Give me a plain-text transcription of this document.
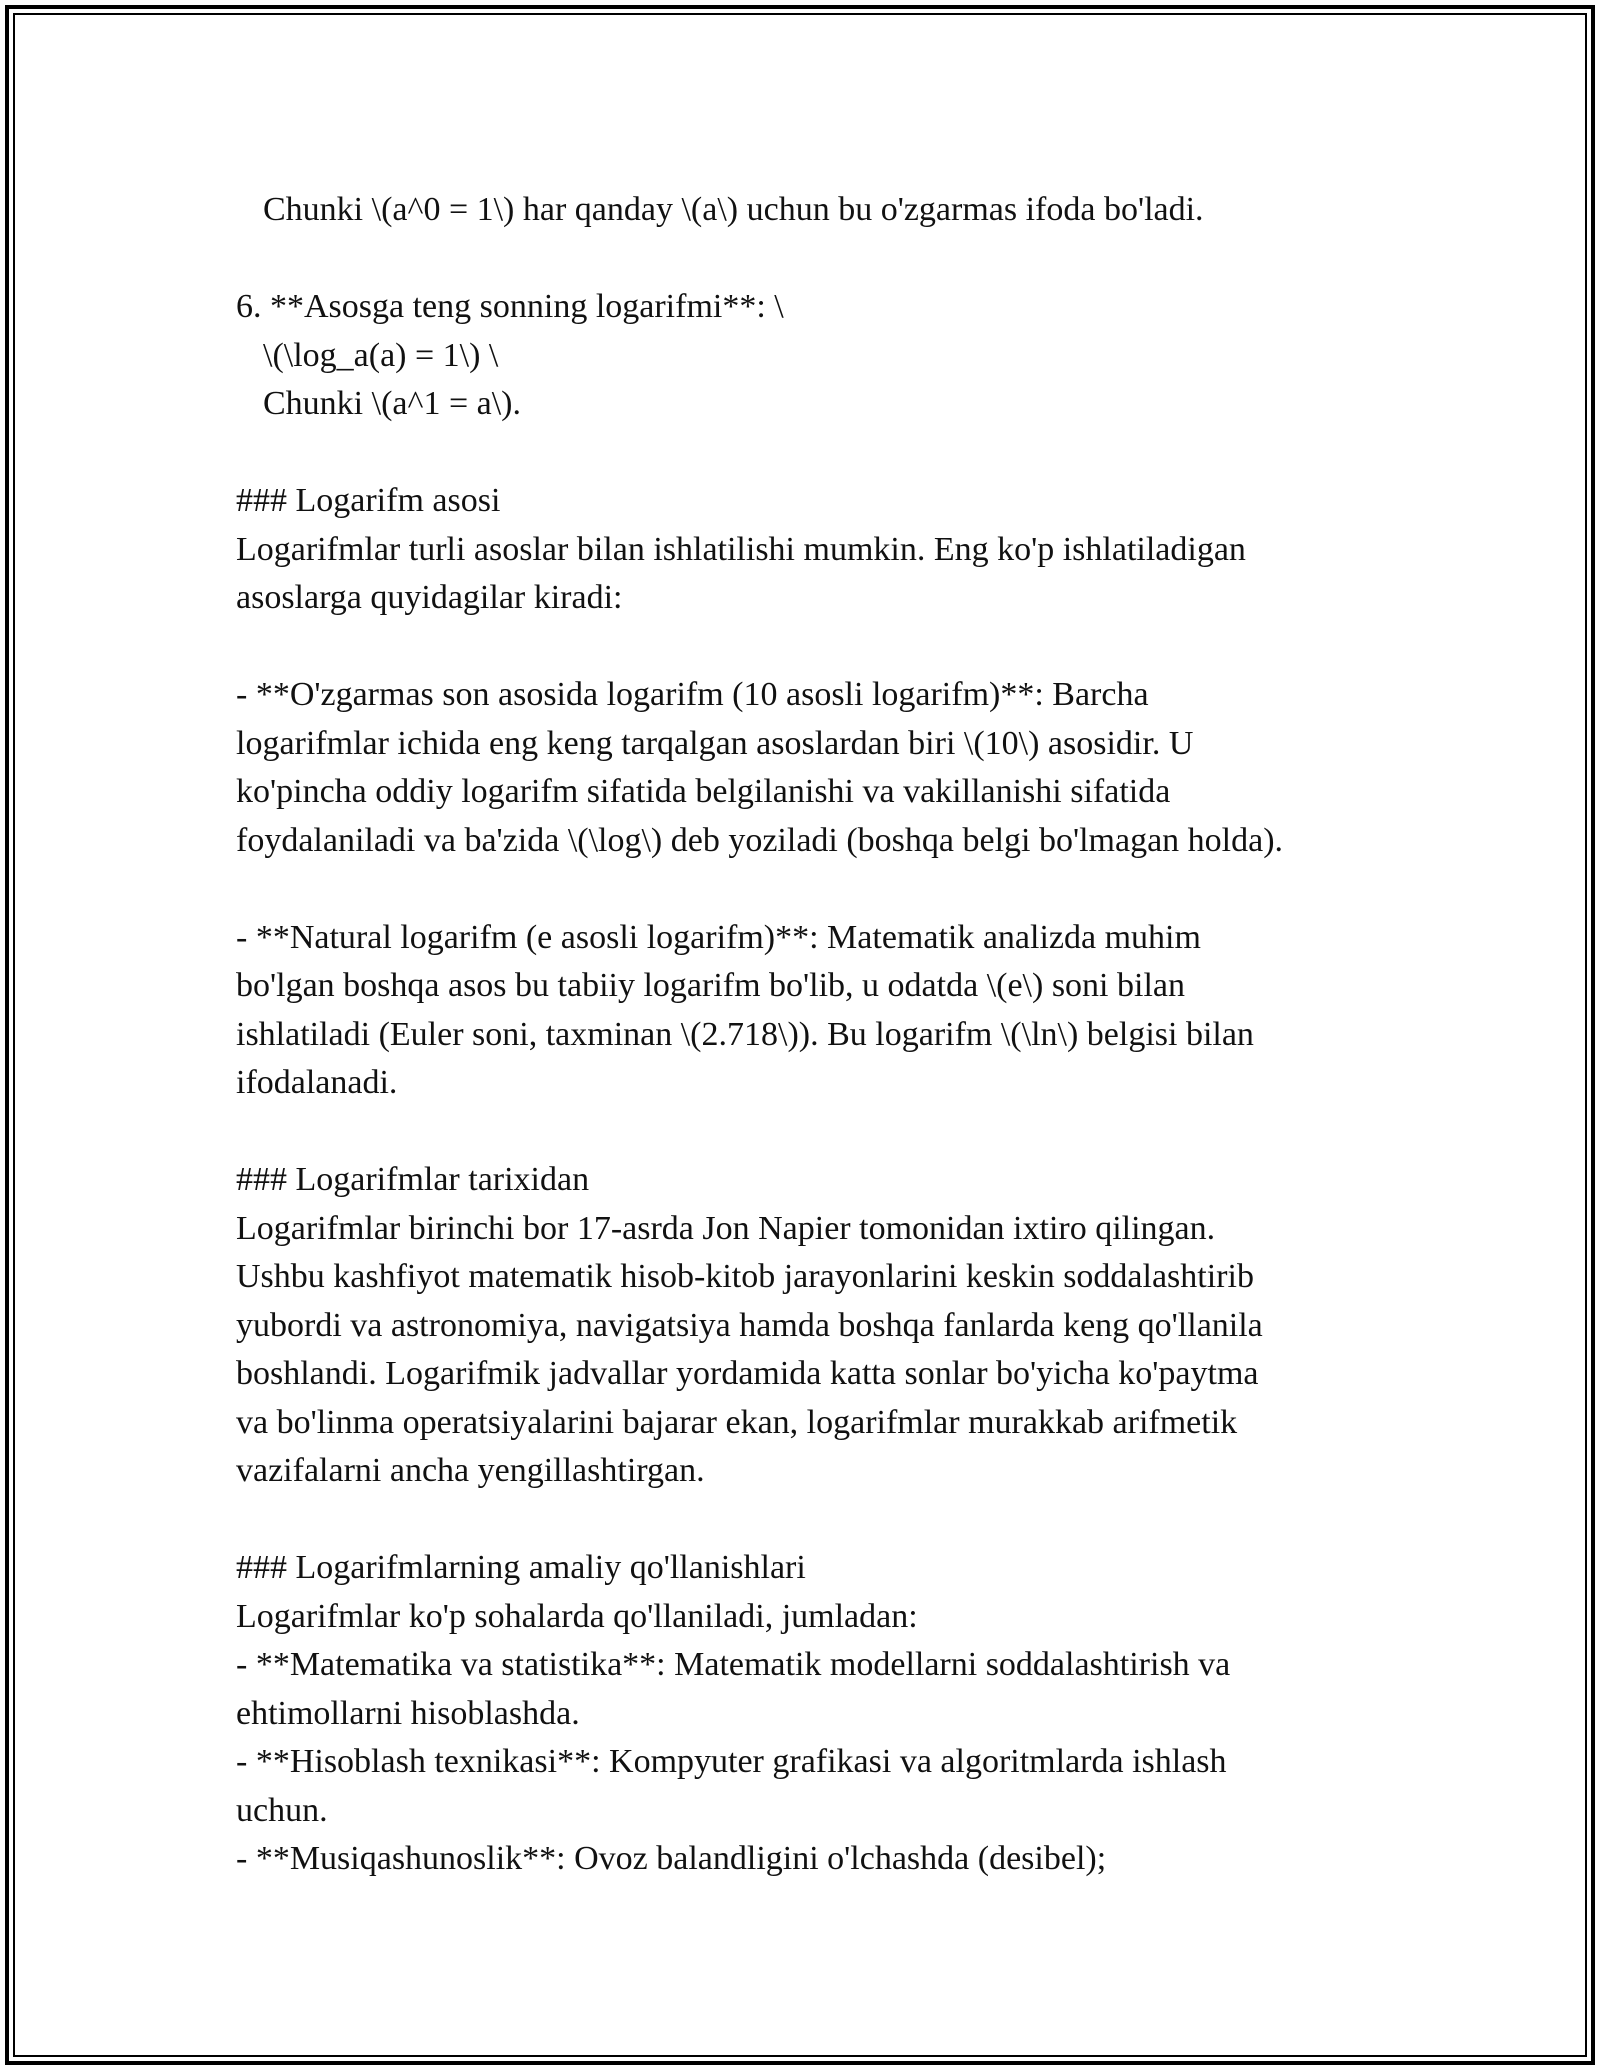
Chunki \(a^0 = 1\) har qanday \(a\) uchun bu o'zgarmas ifoda bo'ladi.
6. **Asosga teng sonning logarifmi**: \
\(\log_a(a) = 1\) \
Chunki \(a^1 = a\).
### Logarifm asosi
Logarifmlar turli asoslar bilan ishlatilishi mumkin. Eng ko'p ishlatiladigan
asoslarga quyidagilar kiradi:
- **O'zgarmas son asosida logarifm (10 asosli logarifm)**: Barcha
logarifmlar ichida eng keng tarqalgan asoslardan biri \(10\) asosidir. U
ko'pincha oddiy logarifm sifatida belgilanishi va vakillanishi sifatida
foydalaniladi va ba'zida \(\log\) deb yoziladi (boshqa belgi bo'lmagan holda).
- **Natural logarifm (e asosli logarifm)**: Matematik analizda muhim
bo'lgan boshqa asos bu tabiiy logarifm bo'lib, u odatda \(e\) soni bilan
ishlatiladi (Euler soni, taxminan \(2.718\)). Bu logarifm \(\ln\) belgisi bilan
ifodalanadi.
### Logarifmlar tarixidan
Logarifmlar birinchi bor 17-asrda Jon Napier tomonidan ixtiro qilingan.
Ushbu kashfiyot matematik hisob-kitob jarayonlarini keskin soddalashtirib
yubordi va astronomiya, navigatsiya hamda boshqa fanlarda keng qo'llanila
boshlandi. Logarifmik jadvallar yordamida katta sonlar bo'yicha ko'paytma
va bo'linma operatsiyalarini bajarar ekan, logarifmlar murakkab arifmetik
vazifalarni ancha yengillashtirgan.
### Logarifmlarning amaliy qo'llanishlari
Logarifmlar ko'p sohalarda qo'llaniladi, jumladan:
- **Matematika va statistika**: Matematik modellarni soddalashtirish va
ehtimollarni hisoblashda.
- **Hisoblash texnikasi**: Kompyuter grafikasi va algoritmlarda ishlash
uchun.
- **Musiqashunoslik**: Ovoz balandligini o'lchashda (desibel);
